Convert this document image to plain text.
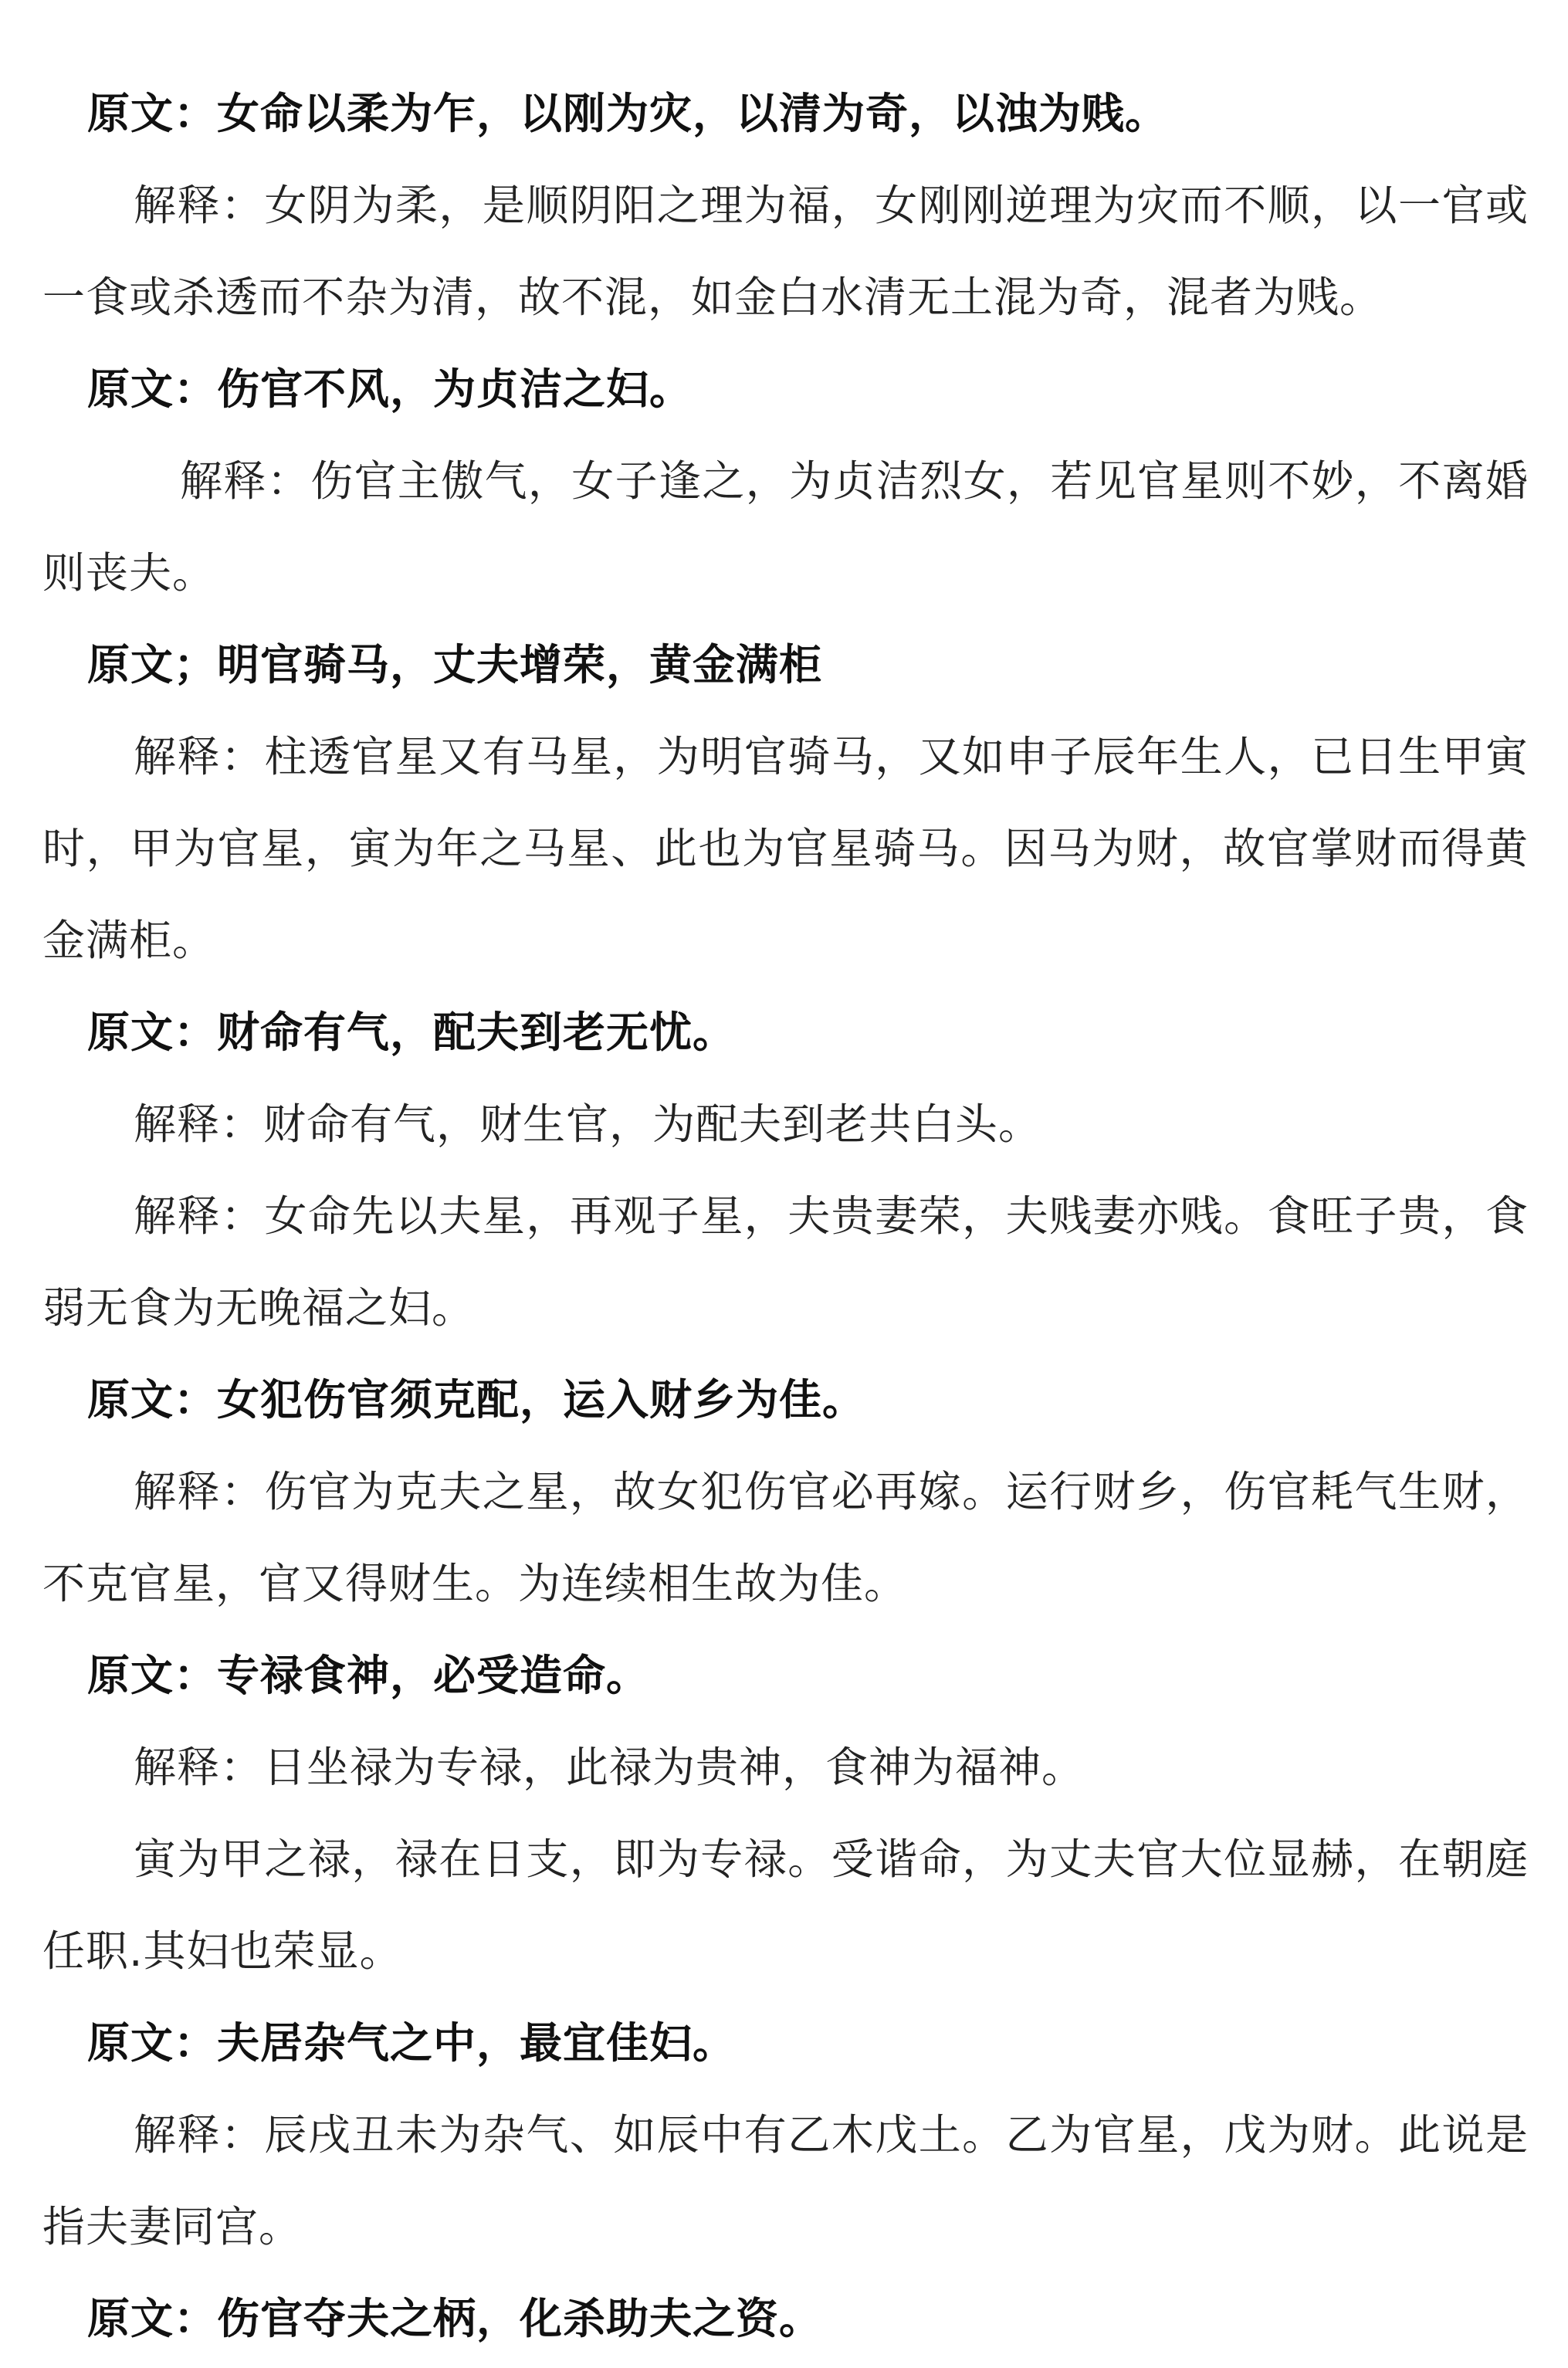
原文：女命以柔为乍，以刚为灾，以清为奇，以浊为贱。

解释：女阴为柔，是顺阴阳之理为福，女刚刚逆理为灾而不顺，以一官或一食或杀透而不杂为清，故不混，如金白水清无土混为奇，混者为贱。

原文：伤官不风，为贞洁之妇。

解释：伤官主傲气，女子逢之，为贞洁烈女，若见官星则不妙，不离婚则丧夫。

原文；明官骑马，丈夫增荣，黄金满柜

解释：柱透官星又有马星，为明官骑马，又如申子辰年生人，已日生甲寅时，甲为官星，寅为年之马星、此也为官星骑马。因马为财，故官掌财而得黄金满柜。

原文：财命有气，配夫到老无忧。

解释：财命有气，财生官，为配夫到老共白头。

解释：女命先以夫星，再观子星，夫贵妻荣，夫贱妻亦贱。食旺子贵，食弱无食为无晚福之妇。

原文：女犯伤官须克配，运入财乡为佳。

解释：伤官为克夫之星，故女犯伤官必再嫁。运行财乡，伤官耗气生财，不克官星，官又得财生。为连续相生故为佳。

原文：专禄食神，必受造命。

解释：日坐禄为专禄，此禄为贵神，食神为福神。

寅为甲之禄，禄在日支，即为专禄。受谐命，为丈夫官大位显赫，在朝庭任职.其妇也荣显。

原文：夫居杂气之中，最宜佳妇。

解释：辰戌丑未为杂气、如辰中有乙木戊土。乙为官星，戊为财。此说是指夫妻同宫。

原文：伤官夺夫之柄，化杀助夫之资。
